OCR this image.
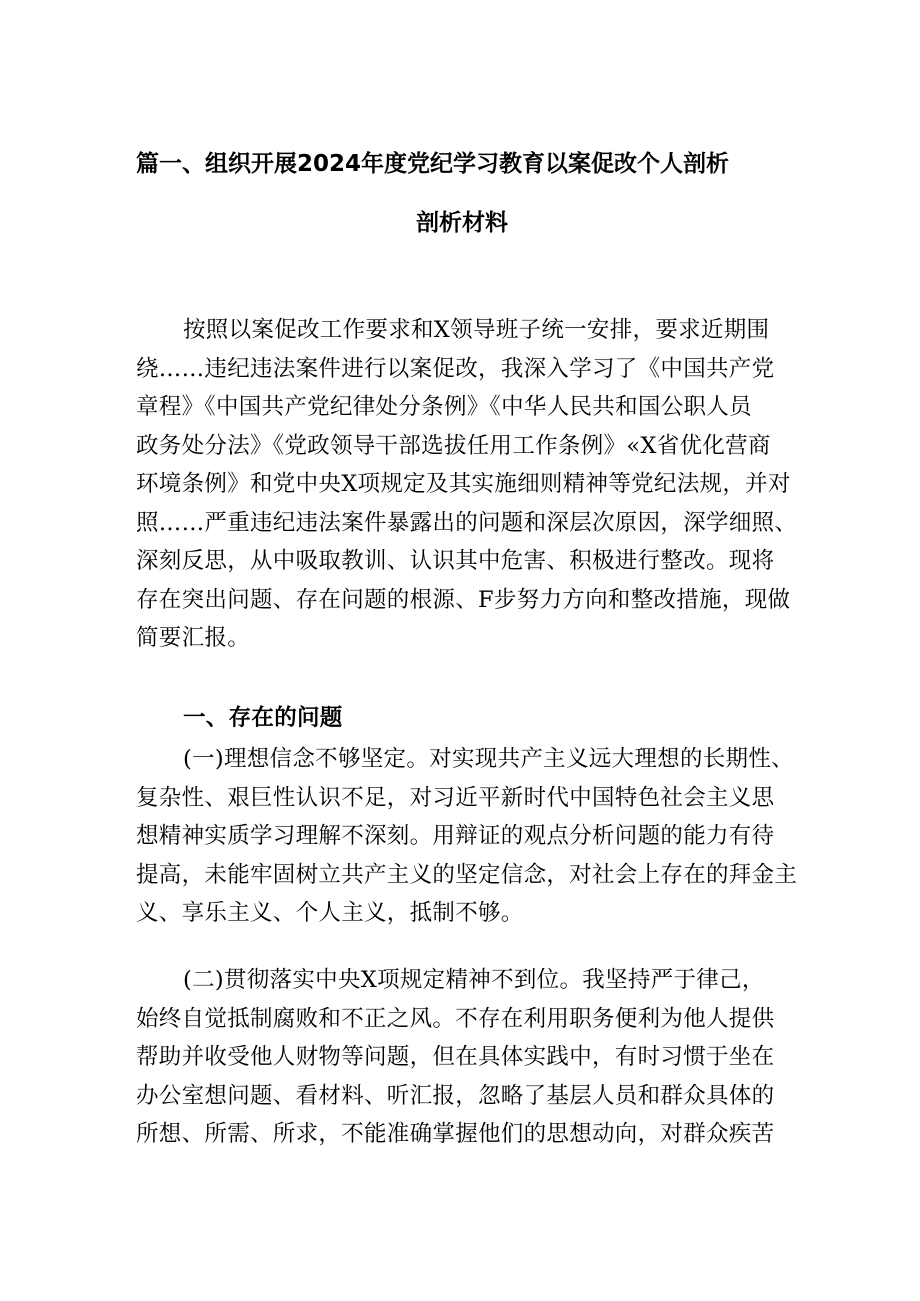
篇一、组织开展2024年度党纪学习教育以案促改个人剖析
剖析材料
按照以案促改工作要求和X领导班子统一安排，要求近期围
绕……违纪违法案件进行以案促改，我深入学习了《中国共产党
章程》《中国共产党纪律处分条例》《中华人民共和国公职人员
政务处分法》《党政领导干部选拔任用工作条例》«X省优化营商
环境条例》和党中央X项规定及其实施细则精神等党纪法规，并对
照……严重违纪违法案件暴露出的问题和深层次原因，深学细照、
深刻反思，从中吸取教训、认识其中危害、积极进行整改。现将
存在突出问题、存在问题的根源、F步努力方向和整改措施，现做
简要汇报。
一、存在的问题
(一)理想信念不够坚定。对实现共产主义远大理想的长期性、
复杂性、艰巨性认识不足，对习近平新时代中国特色社会主义思
想精神实质学习理解不深刻。用辩证的观点分析问题的能力有待
提高，未能牢固树立共产主义的坚定信念，对社会上存在的拜金主
义、享乐主义、个人主义，抵制不够。
(二)贯彻落实中央X项规定精神不到位。我坚持严于律己，
始终自觉抵制腐败和不正之风。不存在利用职务便利为他人提供
帮助并收受他人财物等问题，但在具体实践中，有时习惯于坐在
办公室想问题、看材料、听汇报，忽略了基层人员和群众具体的
所想、所需、所求，不能准确掌握他们的思想动向，对群众疾苦
